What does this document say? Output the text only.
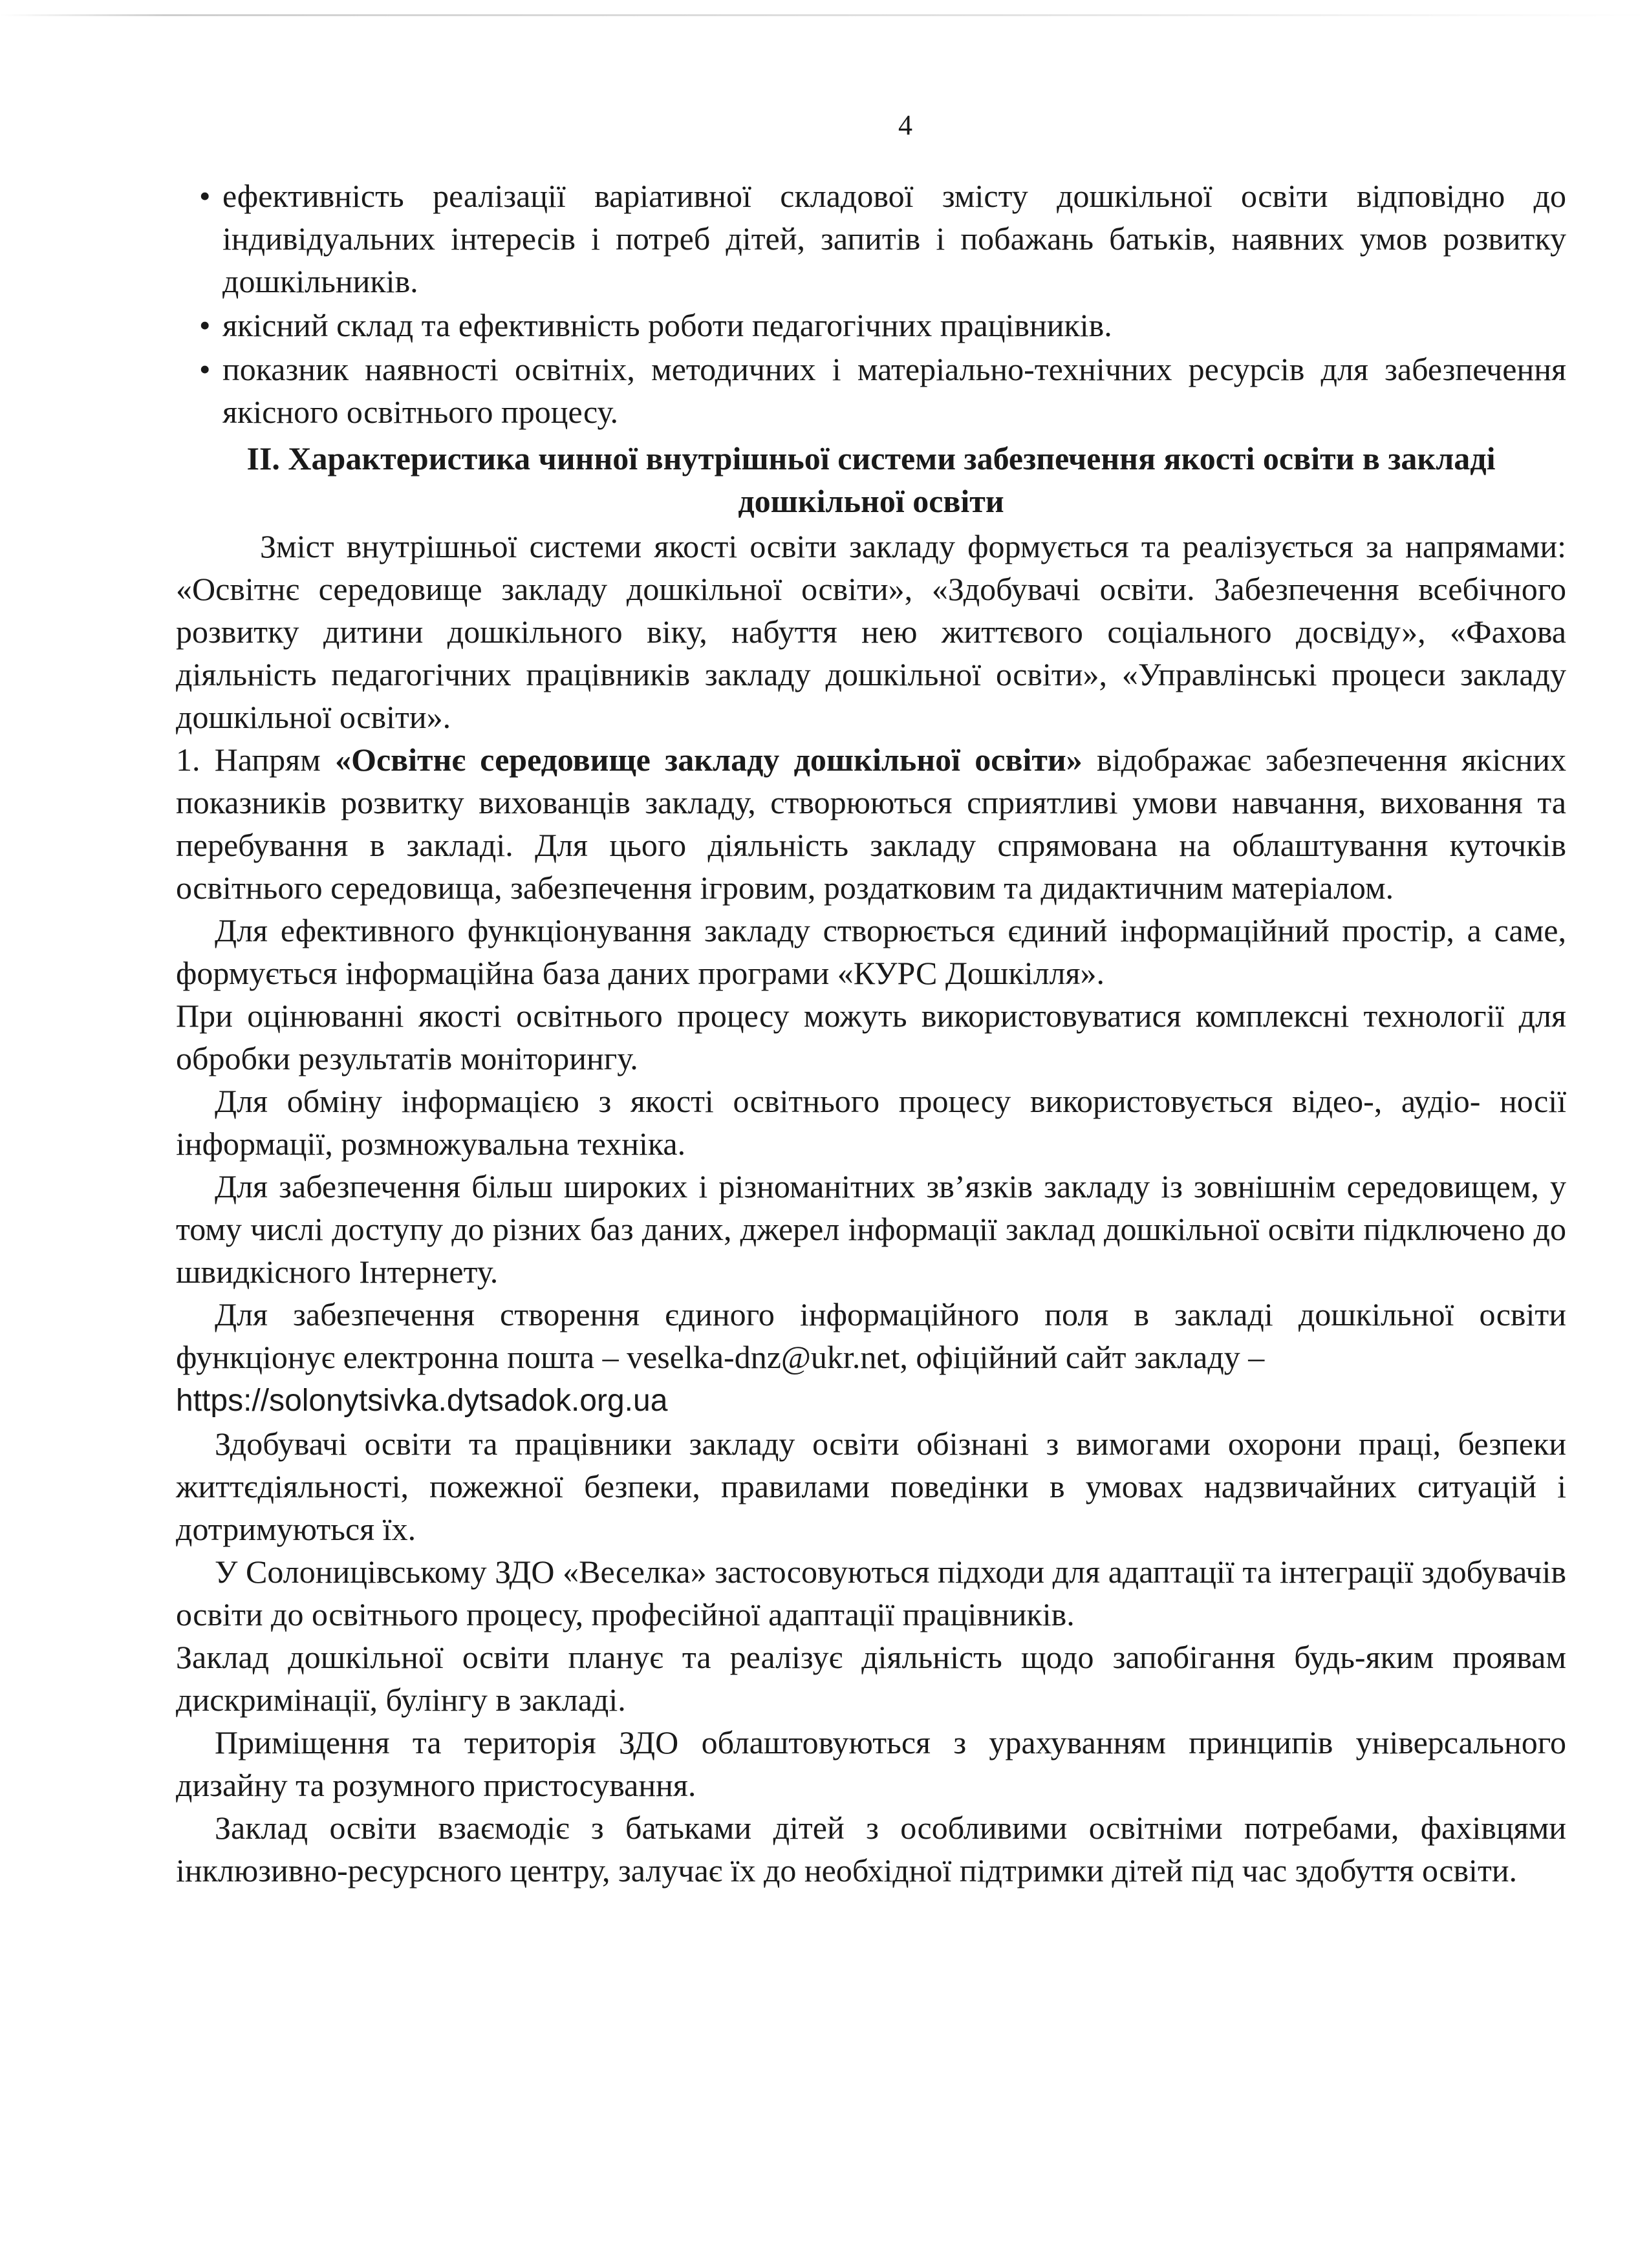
4
• ефективність реалізації варіативної складової змісту дошкільної освіти відповідно до індивідуальних інтересів і потреб дітей, запитів і побажань батьків, наявних умов розвитку дошкільників.
• якісний склад та ефективність роботи педагогічних працівників.
• показник наявності освітніх, методичних і матеріально-технічних ресурсів для забезпечення якісного освітнього процесу.
ІІ. Характеристика чинної внутрішньої системи забезпечення якості освіти в закладі дошкільної освіти

Зміст внутрішньої системи якості освіти закладу формується та реалізується за напрямами: «Освітнє середовище закладу дошкільної освіти», «Здобувачі освіти. Забезпечення всебічного розвитку дитини дошкільного віку, набуття нею життєвого соціального досвіду», «Фахова діяльність педагогічних працівників закладу дошкільної освіти», «Управлінські процеси закладу дошкільної освіти».

1. Напрям «Освітнє середовище закладу дошкільної освіти» відображає забезпечення якісних показників розвитку вихованців закладу, створюються сприятливі умови навчання, виховання та перебування в закладі. Для цього діяльність закладу спрямована на облаштування куточків освітнього середовища, забезпечення ігровим, роздатковим та дидактичним матеріалом.

Для ефективного функціонування закладу створюється єдиний інформаційний простір, а саме, формується інформаційна база даних програми «КУРС Дошкілля».

При оцінюванні якості освітнього процесу можуть використовуватися комплексні технології для обробки результатів моніторингу.

Для обміну інформацією з якості освітнього процесу використовується відео-, аудіо- носії інформації, розмножувальна техніка.

Для забезпечення більш широких і різноманітних зв’язків закладу із зовнішнім середовищем, у тому числі доступу до різних баз даних, джерел інформації заклад дошкільної освіти підключено до швидкісного Інтернету.

Для забезпечення створення єдиного інформаційного поля в закладі дошкільної освіти функціонує електронна пошта – veselka-dnz@ukr.net, офіційний сайт закладу –
https://solonytsivka.dytsadok.org.ua

Здобувачі освіти та працівники закладу освіти обізнані з вимогами охорони праці, безпеки життєдіяльності, пожежної безпеки, правилами поведінки в умовах надзвичайних ситуацій і дотримуються їх.

У Солоницівському ЗДО «Веселка» застосовуються підходи для адаптації та інтеграції здобувачів освіти до освітнього процесу, професійної адаптації працівників.

Заклад дошкільної освіти планує та реалізує діяльність щодо запобігання будь-яким проявам дискримінації, булінгу в закладі.

Приміщення та територія ЗДО облаштовуються з урахуванням принципів універсального дизайну та розумного пристосування.

Заклад освіти взаємодіє з батьками дітей з особливими освітніми потребами, фахівцями інклюзивно-ресурсного центру, залучає їх до необхідної підтримки дітей під час здобуття освіти.
